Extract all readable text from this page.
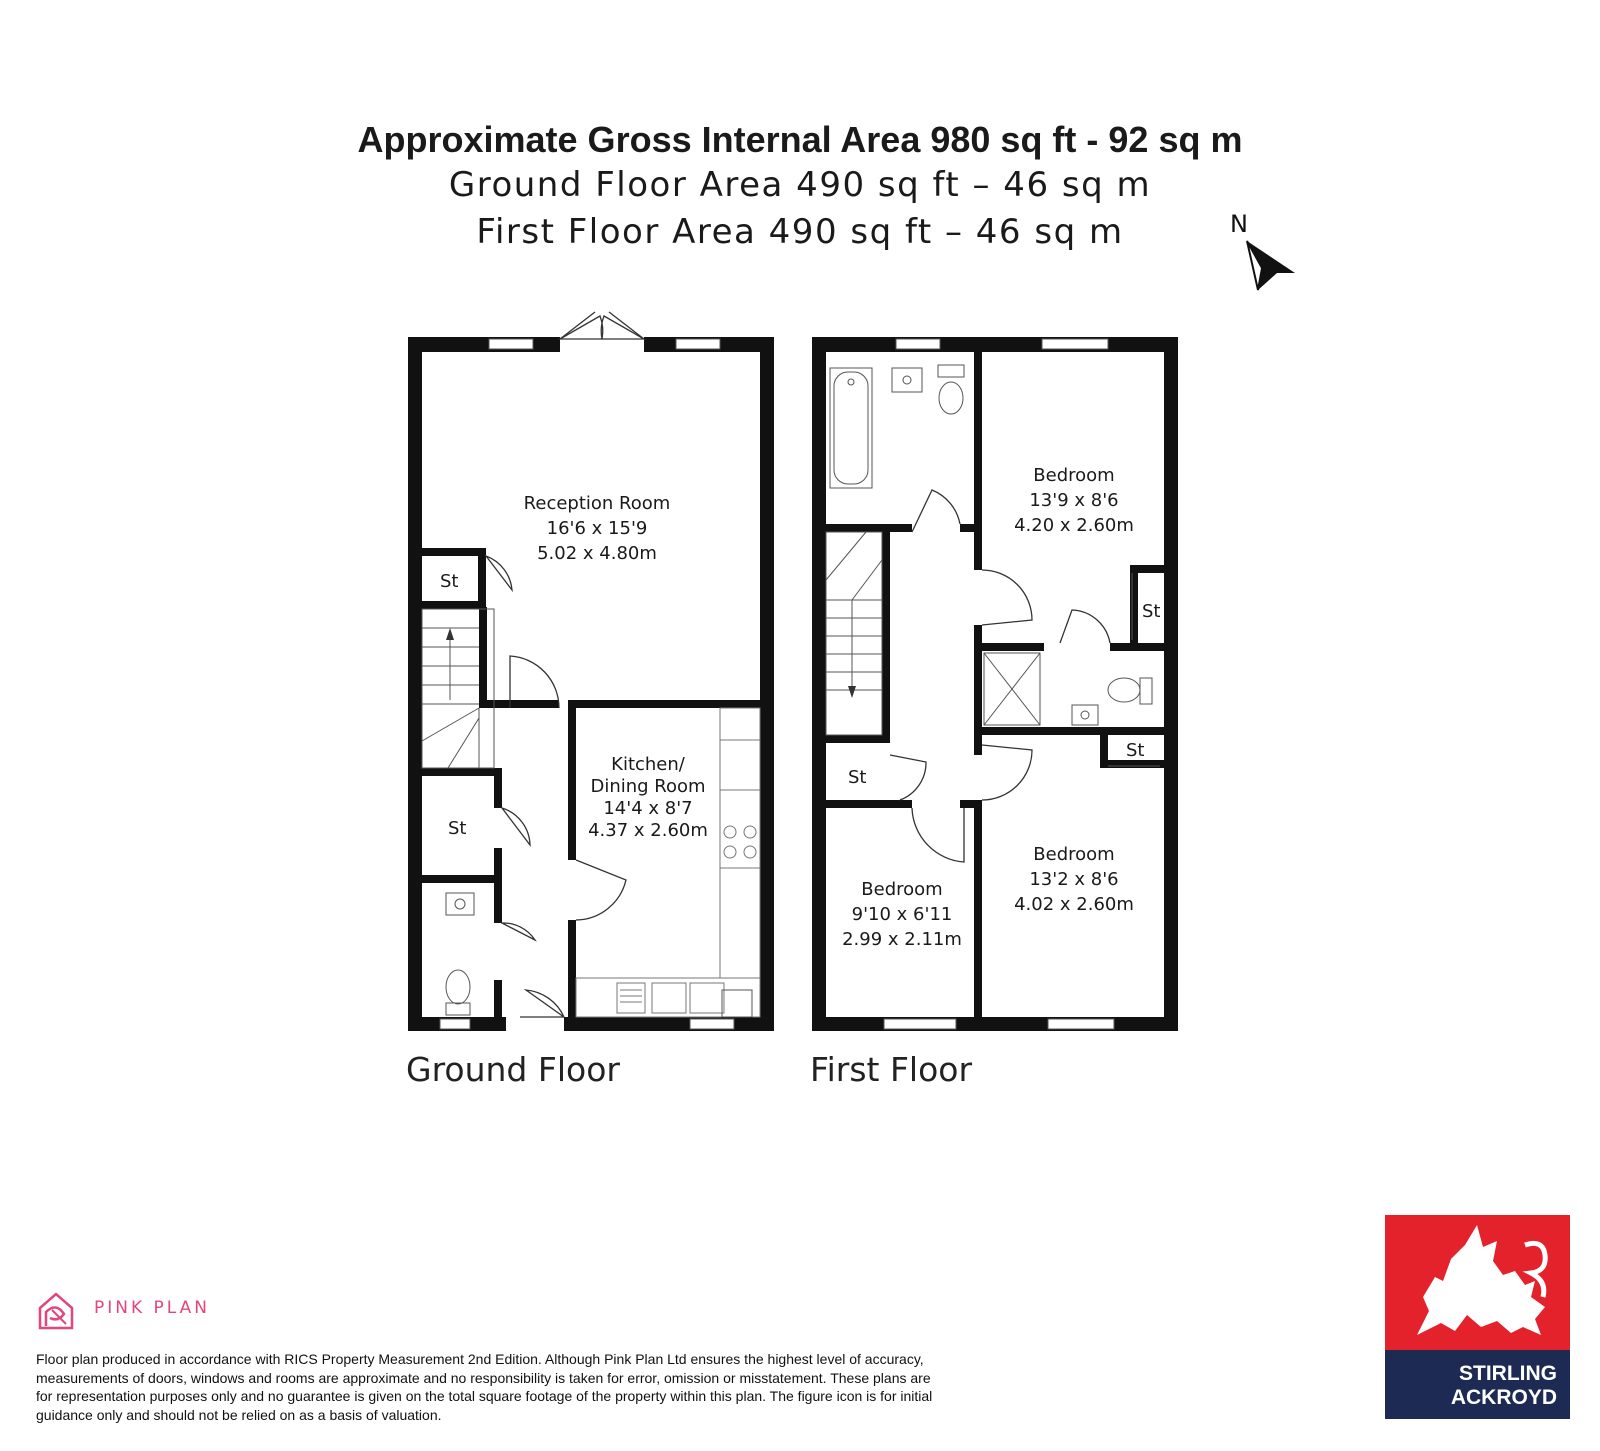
Approximate Gross Internal Area 980 sq ft - 92 sq m
Ground Floor Area 490 sq ft – 46 sq m
First Floor Area 490 sq ft – 46 sq m	N
Reception Room
16'6 x 15'9
5.02 x 4.80m
Kitchen/
Dining Room
14'4 x 8'7
4.37 x 2.60m
St
St
Bedroom
13'9 x 8'6
4.20 x 2.60m
Bedroom
13'2 x 8'6
4.02 x 2.60m
Bedroom
9'10 x 6'11
2.99 x 2.11m
St
St
St
Ground Floor	First Floor
PINK PLAN
Floor plan produced in accordance with RICS Property Measurement 2nd Edition. Although Pink Plan Ltd ensures the highest level of accuracy, measurements of doors, windows and rooms are approximate and no responsibility is taken for error, omission or misstatement. These plans are for representation purposes only and no guarantee is given on the total square footage of the property within this plan. The figure icon is for initial guidance only and should not be relied on as a basis of valuation.
STIRLING
ACKROYD
